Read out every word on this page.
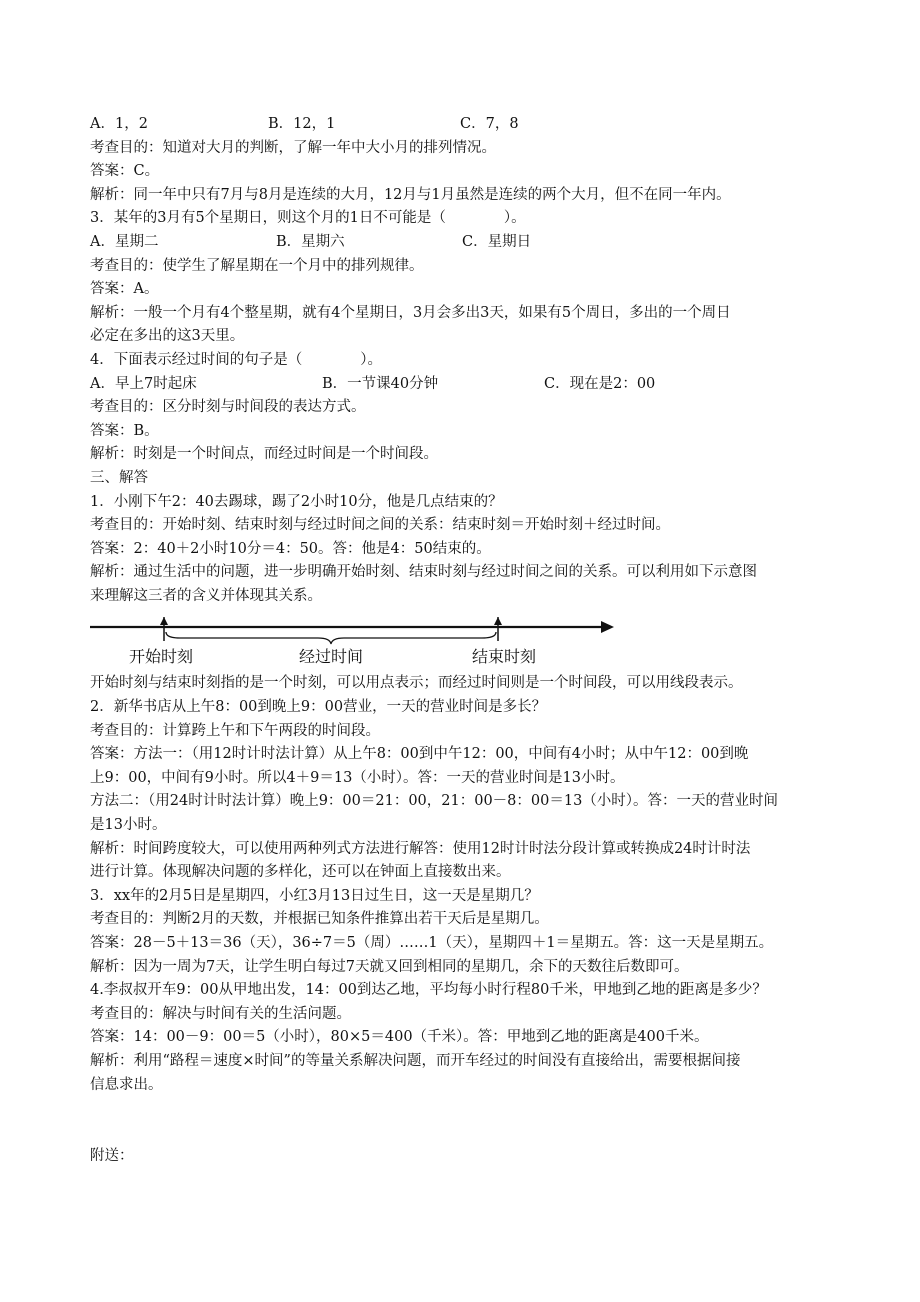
A．1，2	B．12，1	C．7，8
考查目的：知道对大月的判断，了解一年中大小月的排列情况。
答案：C。
解析：同一年中只有7月与8月是连续的大月，12月与1月虽然是连续的两个大月，但不在同一年内。
3．某年的3月有5个星期日，则这个月的1日不可能是（　　　　）。
A．星期二	B．星期六	C．星期日
考查目的：使学生了解星期在一个月中的排列规律。
答案：A。
解析：一般一个月有4个整星期，就有4个星期日，3月会多出3天，如果有5个周日，多出的一个周日
必定在多出的这3天里。
4．下面表示经过时间的句子是（　　　　）。
A．早上7时起床	B．一节课40分钟	C．现在是2：00
考查目的：区分时刻与时间段的表达方式。
答案：B。
解析：时刻是一个时间点，而经过时间是一个时间段。
三、解答
1．小刚下午2：40去踢球，踢了2小时10分，他是几点结束的？
考查目的：开始时刻、结束时刻与经过时间之间的关系：结束时刻＝开始时刻＋经过时间。
答案：2：40＋2小时10分＝4：50。答：他是4：50结束的。
解析：通过生活中的问题，进一步明确开始时刻、结束时刻与经过时间之间的关系。可以利用如下示意图
来理解这三者的含义并体现其关系。
开始时刻	经过时间	结束时刻
开始时刻与结束时刻指的是一个时刻，可以用点表示；而经过时间则是一个时间段，可以用线段表示。
2．新华书店从上午8：00到晚上9：00营业，一天的营业时间是多长？
考查目的：计算跨上午和下午两段的时间段。
答案：方法一：（用12时计时法计算）从上午8：00到中午12：00，中间有4小时；从中午12：00到晚
上9：00，中间有9小时。所以4＋9＝13（小时）。答：一天的营业时间是13小时。
方法二：（用24时计时法计算）晚上9：00＝21：00，21：00－8：00＝13（小时）。答：一天的营业时间
是13小时。
解析：时间跨度较大，可以使用两种列式方法进行解答：使用12时计时法分段计算或转换成24时计时法
进行计算。体现解决问题的多样化，还可以在钟面上直接数出来。
3．xx年的2月5日是星期四，小红3月13日过生日，这一天是星期几？
考查目的：判断2月的天数，并根据已知条件推算出若干天后是星期几。
答案：28－5＋13＝36（天），36÷7＝5（周）……1（天），星期四＋1＝星期五。答：这一天是星期五。
解析：因为一周为7天，让学生明白每过7天就又回到相同的星期几，余下的天数往后数即可。
4.李叔叔开车9：00从甲地出发，14：00到达乙地，平均每小时行程80千米，甲地到乙地的距离是多少？
考查目的：解决与时间有关的生活问题。
答案：14：00－9：00＝5（小时），80×5＝400（千米）。答：甲地到乙地的距离是400千米。
解析：利用“路程＝速度×时间”的等量关系解决问题，而开车经过的时间没有直接给出，需要根据间接
信息求出。
附送：
